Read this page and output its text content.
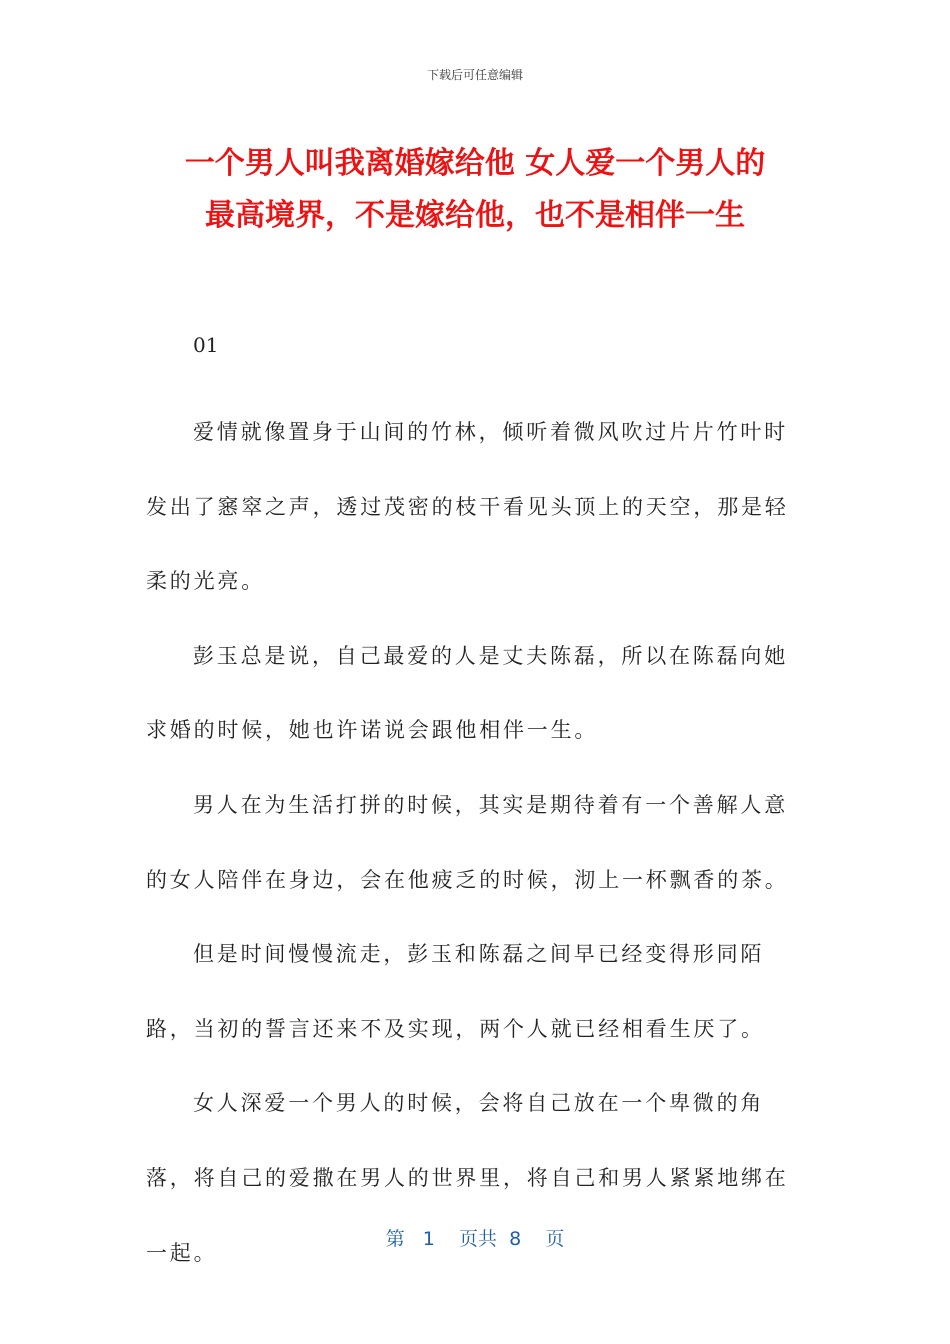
下载后可任意编辑
一个男人叫我离婚嫁给他 女人爱一个男人的
最高境界，不是嫁给他，也不是相伴一生
01

爱情就像置身于山间的竹林，倾听着微风吹过片片竹叶时发出了窸窣之声，透过茂密的枝干看见头顶上的天空，那是轻柔的光亮。

彭玉总是说，自己最爱的人是丈夫陈磊，所以在陈磊向她求婚的时候，她也许诺说会跟他相伴一生。

男人在为生活打拼的时候，其实是期待着有一个善解人意的女人陪伴在身边，会在他疲乏的时候，沏上一杯飘香的茶。

但是时间慢慢流走，彭玉和陈磊之间早已经变得形同陌路，当初的誓言还来不及实现，两个人就已经相看生厌了。

女人深爱一个男人的时候，会将自己放在一个卑微的角落，将自己的爱撒在男人的世界里，将自己和男人紧紧地绑在一起。

第 1 页共 8 页
